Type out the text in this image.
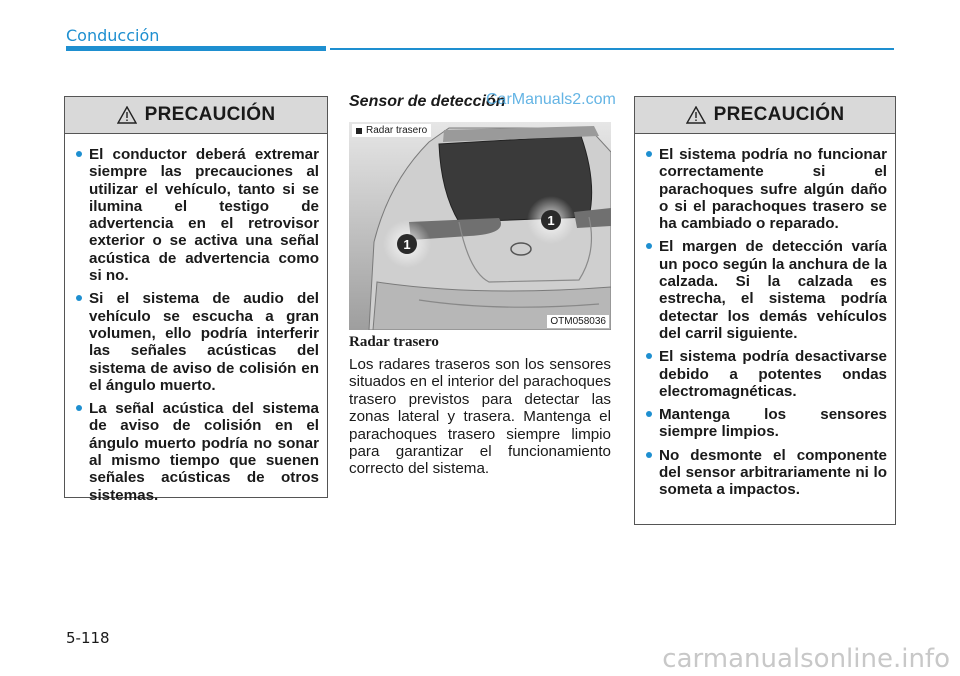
Conducción
PRECAUCIÓN
El conductor deberá extremar siempre las precauciones al utilizar el vehículo, tanto si se ilumina el testigo de advertencia en el retrovisor exterior o se activa una señal acústica de advertencia como si no.
Si el sistema de audio del vehículo se escucha a gran volumen, ello podría interferir las señales acústicas del sistema de aviso de colisión en el ángulo muerto.
La señal acústica del sistema de aviso de colisión en el ángulo muerto podría no sonar al mismo tiempo que suenen señales acústicas de otros sistemas.
Sensor de detección
CarManuals2.com
1
1
Radar trasero
OTM058036
Radar trasero
Los radares traseros son los sensores situados en el interior del parachoques trasero previstos para detectar las zonas lateral y trasera. Mantenga el parachoques trasero siempre limpio para garantizar el funcionamiento correcto del sistema.
PRECAUCIÓN
El sistema podría no funcionar correctamente si el parachoques sufre algún daño o si el parachoques trasero se ha cambiado o reparado.
El margen de detección varía un poco según la anchura de la calzada. Si la calzada es estrecha, el sistema podría detectar los demás vehículos del carril siguiente.
El sistema podría desactivarse debido a potentes ondas electromagnéticas.
Mantenga los sensores siempre limpios.
No desmonte el componente del sensor arbitrariamente ni lo someta a impactos.
5-118
carmanualsonline.info
